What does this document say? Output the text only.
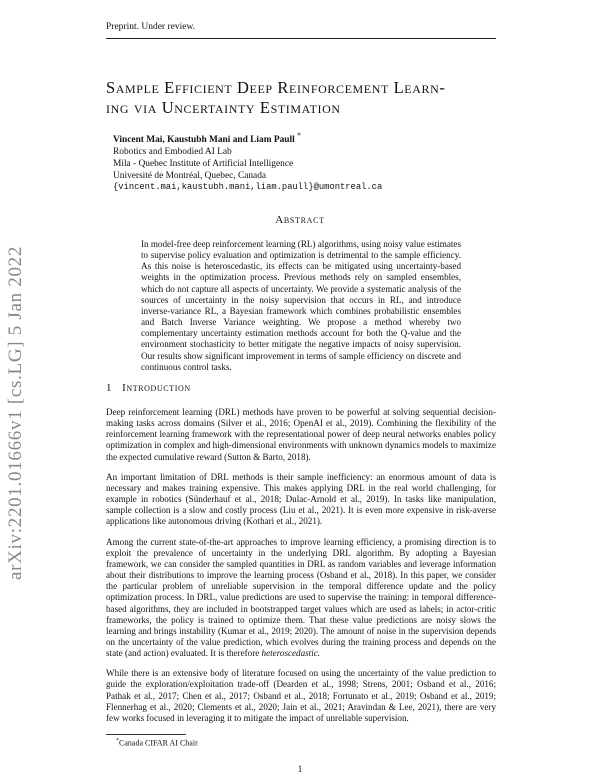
Preprint. Under review.
arXiv:2201.01666v1 [cs.LG] 5 Jan 2022
Sample Efficient Deep Reinforcement Learn-
ing via Uncertainty Estimation
Vincent Mai, Kaustubh Mani and Liam Paull *
Robotics and Embodied AI Lab
Mila - Quebec Institute of Artificial Intelligence
Université de Montréal, Quebec, Canada
{vincent.mai,kaustubh.mani,liam.paull}@umontreal.ca
Abstract
In model-free deep reinforcement learning (RL) algorithms, using noisy value estimates to supervise policy evaluation and optimization is detrimental to the sample efficiency. As this noise is heteroscedastic, its effects can be mitigated using uncertainty-based weights in the optimization process. Previous methods rely on sampled ensembles, which do not capture all aspects of uncertainty. We provide a systematic analysis of the sources of uncertainty in the noisy supervision that occurs in RL, and introduce inverse-variance RL, a Bayesian framework which combines probabilistic ensembles and Batch Inverse Variance weighting. We propose a method whereby two complementary uncertainty estimation methods account for both the Q-value and the environment stochasticity to better mitigate the negative impacts of noisy supervision. Our results show significant improvement in terms of sample efficiency on discrete and continuous control tasks.
1 Introduction

Deep reinforcement learning (DRL) methods have proven to be powerful at solving sequential decision-making tasks across domains (Silver et al., 2016; OpenAI et al., 2019). Combining the flexibility of the reinforcement learning framework with the representational power of deep neural networks enables policy optimization in complex and high-dimensional environments with unknown dynamics models to maximize the expected cumulative reward (Sutton & Barto, 2018).

An important limitation of DRL methods is their sample inefficiency: an enormous amount of data is necessary and makes training expensive. This makes applying DRL in the real world challenging, for example in robotics (Sünderhauf et al., 2018; Dulac-Arnold et al., 2019). In tasks like manipulation, sample collection is a slow and costly process (Liu et al., 2021). It is even more expensive in risk-averse applications like autonomous driving (Kothari et al., 2021).

Among the current state-of-the-art approaches to improve learning efficiency, a promising direction is to exploit the prevalence of uncertainty in the underlying DRL algorithm. By adopting a Bayesian framework, we can consider the sampled quantities in DRL as random variables and leverage information about their distributions to improve the learning process (Osband et al., 2018). In this paper, we consider the particular problem of unreliable supervision in the temporal difference update and the policy optimization process. In DRL, value predictions are used to supervise the training: in temporal difference-based algorithms, they are included in bootstrapped target values which are used as labels; in actor-critic frameworks, the policy is trained to optimize them. That these value predictions are noisy slows the learning and brings instability (Kumar et al., 2019; 2020). The amount of noise in the supervision depends on the uncertainty of the value prediction, which evolves during the training process and depends on the state (and action) evaluated. It is therefore heteroscedastic.

While there is an extensive body of literature focused on using the uncertainty of the value prediction to guide the exploration/exploitation trade-off (Dearden et al., 1998; Strens, 2001; Osband et al., 2016; Pathak et al., 2017; Chen et al., 2017; Osband et al., 2018; Fortunato et al., 2019; Osband et al., 2019; Flennerhag et al., 2020; Clements et al., 2020; Jain et al., 2021; Aravindan & Lee, 2021), there are very few works focused in leveraging it to mitigate the impact of unreliable supervision.

*Canada CIFAR AI Chair
1
